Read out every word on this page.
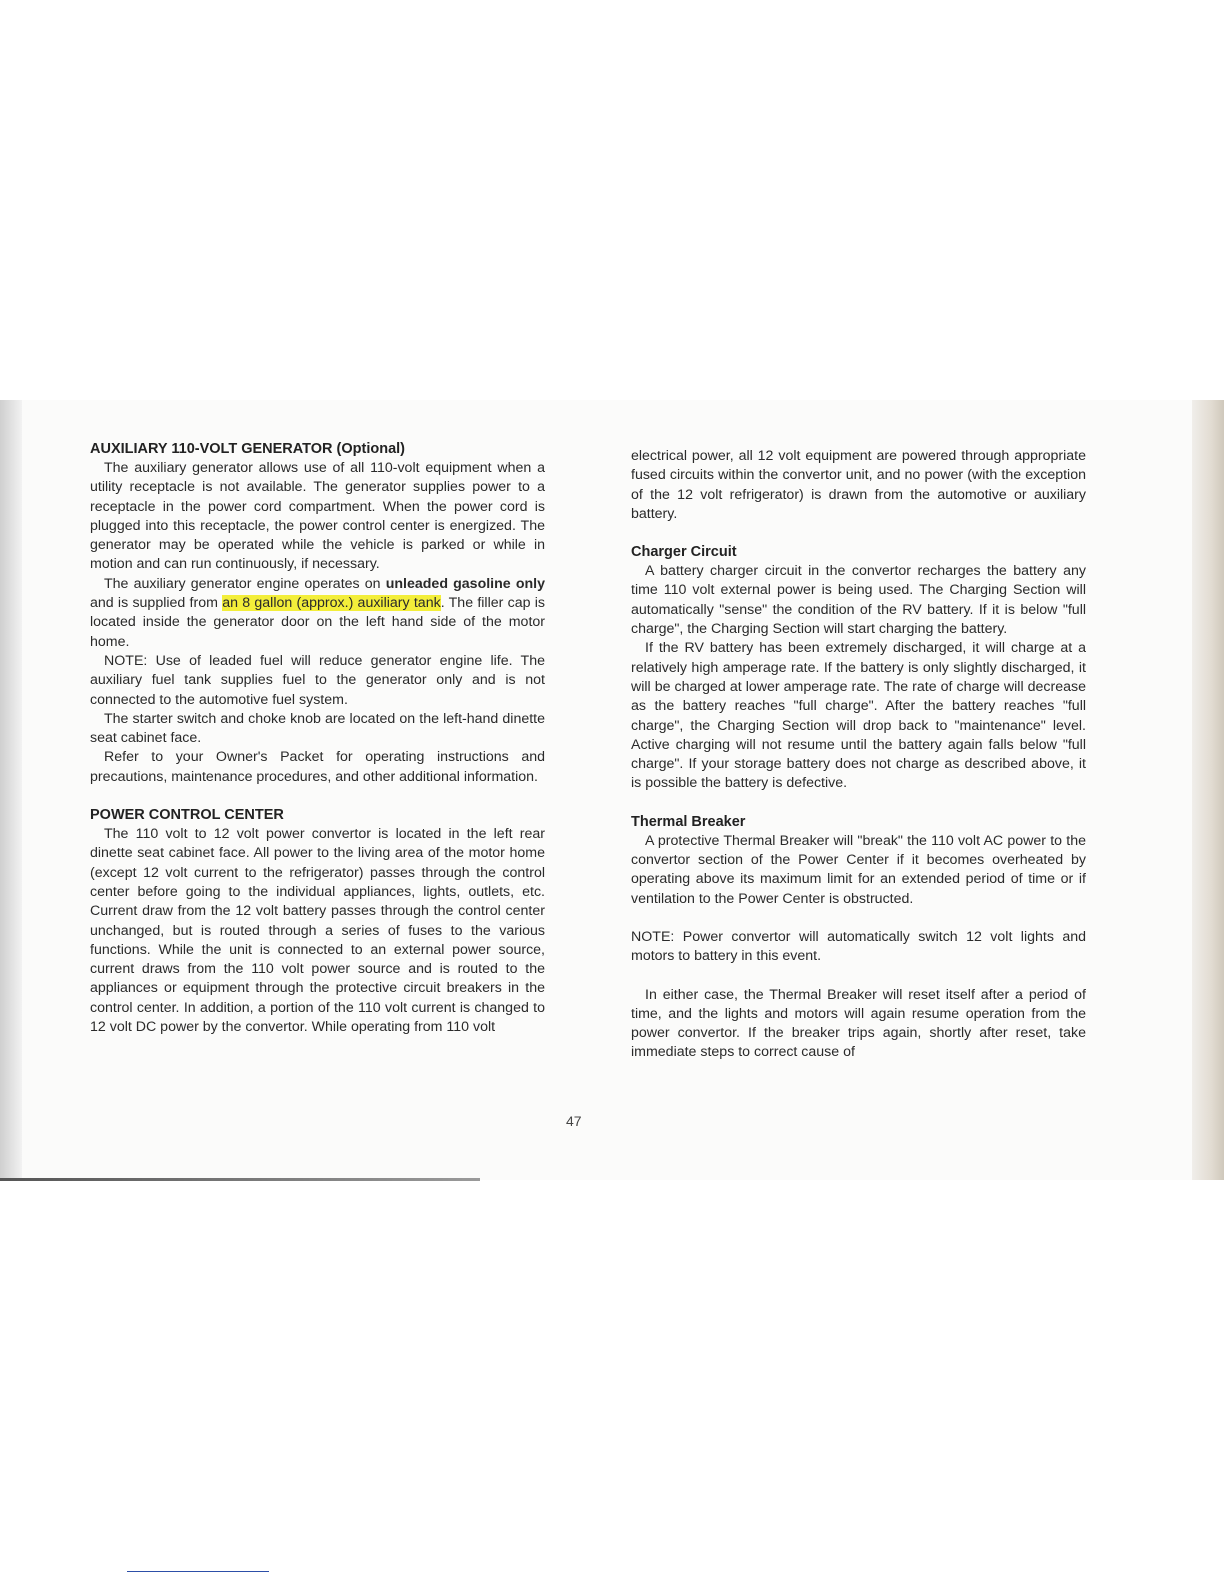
AUXILIARY 110-VOLT GENERATOR (Optional)

The auxiliary generator allows use of all 110-volt equipment when a utility receptacle is not available. The generator supplies power to a receptacle in the power cord compartment. When the power cord is plugged into this receptacle, the power control center is energized. The generator may be operated while the vehicle is parked or while in motion and can run continuously, if necessary.

The auxiliary generator engine operates on unleaded gasoline only and is supplied from an 8 gallon (approx.) auxiliary tank. The filler cap is located inside the generator door on the left hand side of the motor home.

NOTE: Use of leaded fuel will reduce generator engine life. The auxiliary fuel tank supplies fuel to the generator only and is not connected to the automotive fuel system.

The starter switch and choke knob are located on the left-hand dinette seat cabinet face.

Refer to your Owner's Packet for operating instructions and precautions, maintenance procedures, and other additional information.

POWER CONTROL CENTER

The 110 volt to 12 volt power convertor is located in the left rear dinette seat cabinet face. All power to the living area of the motor home (except 12 volt current to the refrigerator) passes through the control center before going to the individual appliances, lights, outlets, etc. Current draw from the 12 volt battery passes through the control center unchanged, but is routed through a series of fuses to the various functions. While the unit is connected to an external power source, current draws from the 110 volt power source and is routed to the appliances or equipment through the protective circuit breakers in the control center. In addition, a portion of the 110 volt current is changed to 12 volt DC power by the convertor. While operating from 110 volt

electrical power, all 12 volt equipment are powered through appropriate fused circuits within the convertor unit, and no power (with the exception of the 12 volt refrigerator) is drawn from the automotive or auxiliary battery.

Charger Circuit

A battery charger circuit in the convertor recharges the battery any time 110 volt external power is being used. The Charging Section will automatically "sense" the condition of the RV battery. If it is below "full charge", the Charging Section will start charging the battery.

If the RV battery has been extremely discharged, it will charge at a relatively high amperage rate. If the battery is only slightly discharged, it will be charged at lower amperage rate. The rate of charge will decrease as the battery reaches "full charge". After the battery reaches "full charge", the Charging Section will drop back to "maintenance" level. Active charging will not resume until the battery again falls below "full charge". If your storage battery does not charge as described above, it is possible the battery is defective.

Thermal Breaker

A protective Thermal Breaker will "break" the 110 volt AC power to the convertor section of the Power Center if it becomes overheated by operating above its maximum limit for an extended period of time or if ventilation to the Power Center is obstructed.

NOTE: Power convertor will automatically switch 12 volt lights and motors to battery in this event.

In either case, the Thermal Breaker will reset itself after a period of time, and the lights and motors will again resume operation from the power convertor. If the breaker trips again, shortly after reset, take immediate steps to correct cause of

47
